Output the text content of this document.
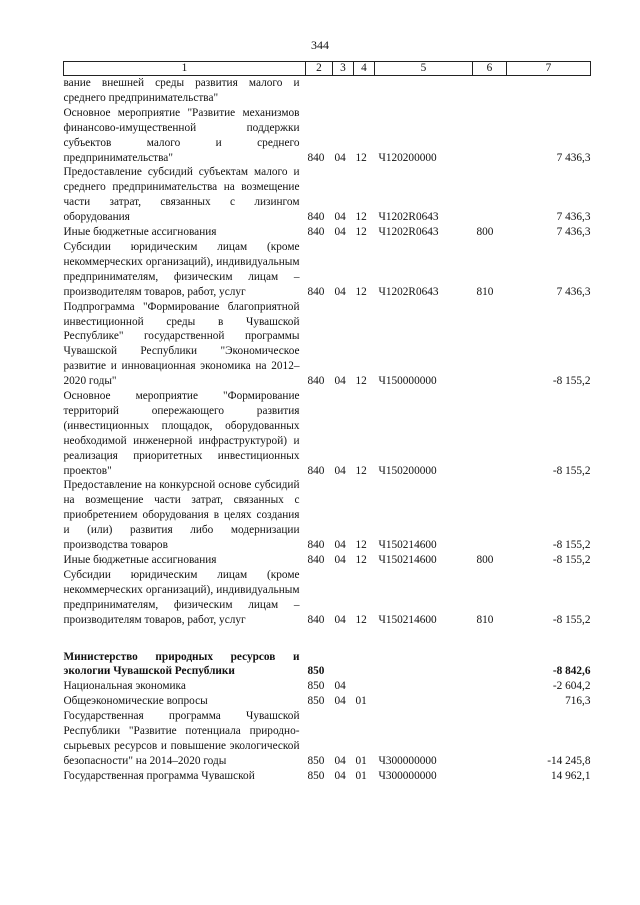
344
1	2	3	4	5	6	7
вание внешней среды развития малого и среднего предпринимательства"						
Основное мероприятие "Развитие механизмов финансово-имущественной поддержки субъектов малого и среднего предпринимательства"	840	04	12	Ч120200000		7 436,3
Предоставление субсидий субъектам малого и среднего предпринимательства на возмещение части затрат, связанных с лизингом оборудования	840	04	12	Ч1202R0643		7 436,3
Иные бюджетные ассигнования	840	04	12	Ч1202R0643	800	7 436,3
Субсидии юридическим лицам (кроме некоммерческих организаций), индивидуальным предпринимателям, физическим лицам – производителям товаров, работ, услуг	840	04	12	Ч1202R0643	810	7 436,3
Подпрограмма "Формирование благоприятной инвестиционной среды в Чувашской Республике" государственной программы Чувашской Республики "Экономическое развитие и инновационная экономика на 2012–2020 годы"	840	04	12	Ч150000000		-8 155,2
Основное мероприятие "Формирование территорий опережающего развития (инвестиционных площадок, оборудованных необходимой инженерной инфраструктурой) и реализация приоритетных инвестиционных проектов"	840	04	12	Ч150200000		-8 155,2
Предоставление на конкурсной основе субсидий на возмещение части затрат, связанных с приобретением оборудования в целях создания и (или) развития либо модернизации производства товаров	840	04	12	Ч150214600		-8 155,2
Иные бюджетные ассигнования	840	04	12	Ч150214600	800	-8 155,2
Субсидии юридическим лицам (кроме некоммерческих организаций), индивидуальным предпринимателям, физическим лицам – производителям товаров, работ, услуг	840	04	12	Ч150214600	810	-8 155,2

Министерство природных ресурсов и экологии Чувашской Республики	850					-8 842,6
Национальная экономика	850	04				-2 604,2
Общеэкономические вопросы	850	04	01			716,3
Государственная программа Чувашской Республики "Развитие потенциала природно-сырьевых ресурсов и повышение экологической безопасности" на 2014–2020 годы	850	04	01	Ч300000000		-14 245,8
Государственная программа Чувашской	850	04	01	Ч300000000		14 962,1
